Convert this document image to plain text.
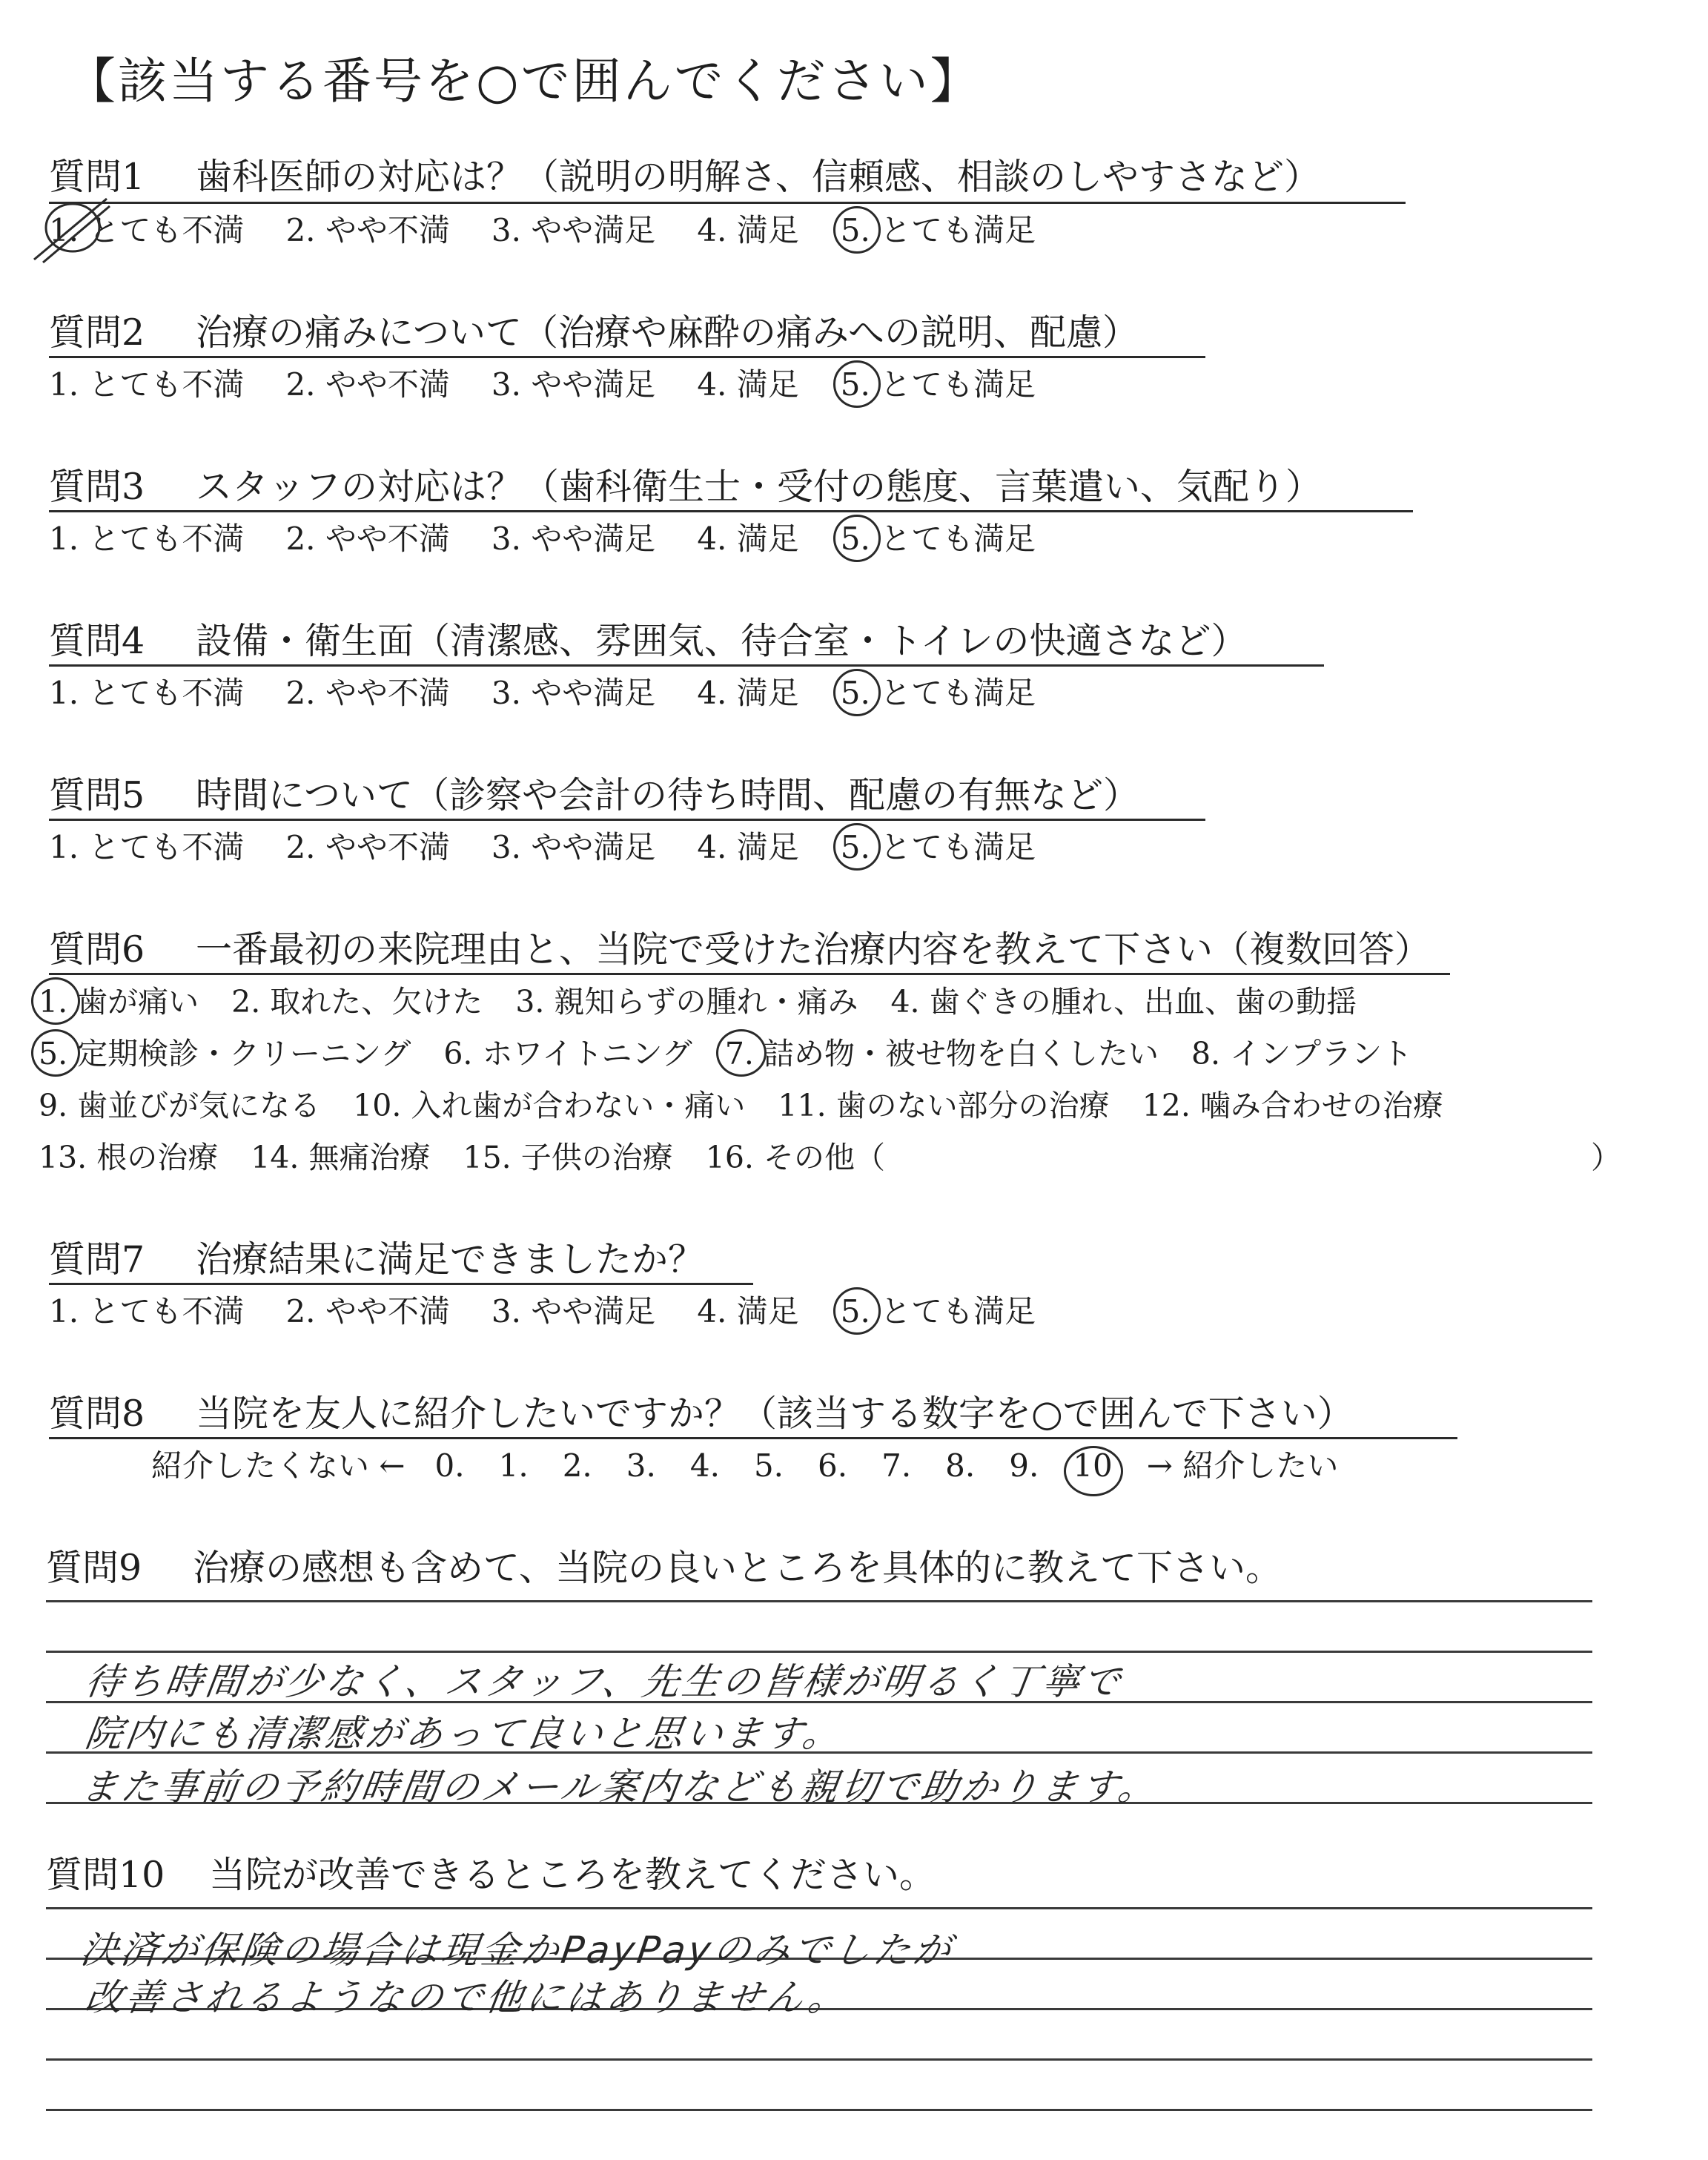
【該当する番号を○で囲んでください】
質問1 歯科医師の対応は？（説明の明解さ、信頼感、相談のしやすさなど）
1. とても不満 2. やや不満 3. やや満足 4. 満足 5. とても満足
質問2 治療の痛みについて（治療や麻酔の痛みへの説明、配慮）
1. とても不満 2. やや不満 3. やや満足 4. 満足 5. とても満足
質問3 スタッフの対応は？（歯科衛生士・受付の態度、言葉遣い、気配り）
1. とても不満 2. やや不満 3. やや満足 4. 満足 5. とても満足
質問4 設備・衛生面（清潔感、雰囲気、待合室・トイレの快適さなど）
1. とても不満 2. やや不満 3. やや満足 4. 満足 5. とても満足
質問5 時間について（診察や会計の待ち時間、配慮の有無など）
1. とても不満 2. やや不満 3. やや満足 4. 満足 5. とても満足
質問6 一番最初の来院理由と、当院で受けた治療内容を教えて下さい（複数回答）
1. 歯が痛い 2. 取れた、欠けた 3. 親知らずの腫れ・痛み 4. 歯ぐきの腫れ、出血、歯の動揺
5. 定期検診・クリーニング 6. ホワイトニング 7. 詰め物・被せ物を白くしたい 8. インプラント
9. 歯並びが気になる 10. 入れ歯が合わない・痛い 11. 歯のない部分の治療 12. 噛み合わせの治療
13. 根の治療 14. 無痛治療 15. 子供の治療 16. その他（	）
質問7 治療結果に満足できましたか？
1. とても不満 2. やや不満 3. やや満足 4. 満足 5. とても満足
質問8 当院を友人に紹介したいですか？（該当する数字を○で囲んで下さい）
紹介したくない ← 0. 1. 2. 3. 4. 5. 6. 7. 8. 9. 10 → 紹介したい
質問9 治療の感想も含めて、当院の良いところを具体的に教えて下さい。
待ち時間が少なく、スタッフ、先生の皆様が明るく丁寧で
院内にも清潔感があって良いと思います。
また事前の予約時間のメール案内なども親切で助かります。
質問10 当院が改善できるところを教えてください。
決済が保険の場合は現金かPayPayのみでしたが
改善されるようなので他にはありません。
